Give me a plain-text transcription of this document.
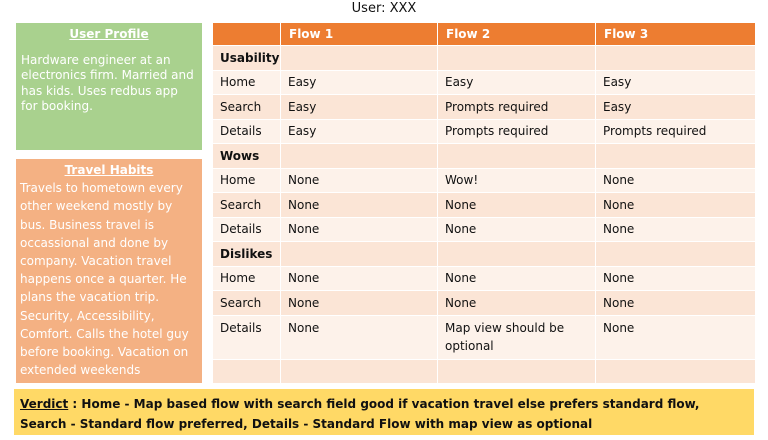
User: XXX
User Profile
Hardware engineer at an electronics firm. Married and has kids. Uses redbus app for booking.
Travel Habits
Travels to hometown every other weekend mostly by bus. Business travel is occassional and done by company. Vacation travel happens once a quarter. He plans the vacation trip. Security, Accessibility, Comfort. Calls the hotel guy before booking. Vacation on extended weekends
	Flow 1	Flow 2	Flow 3
Usability			
Home	Easy	Easy	Easy
Search	Easy	Prompts required	Easy
Details	Easy	Prompts required	Prompts required
Wows			
Home	None	Wow!	None
Search	None	None	None
Details	None	None	None
Dislikes			
Home	None	None	None
Search	None	None	None
Details	None	Map view should be optional	None

Verdict : Home - Map based flow with search field good if vacation travel else prefers standard flow, Search - Standard flow preferred, Details - Standard Flow with map view as optional
